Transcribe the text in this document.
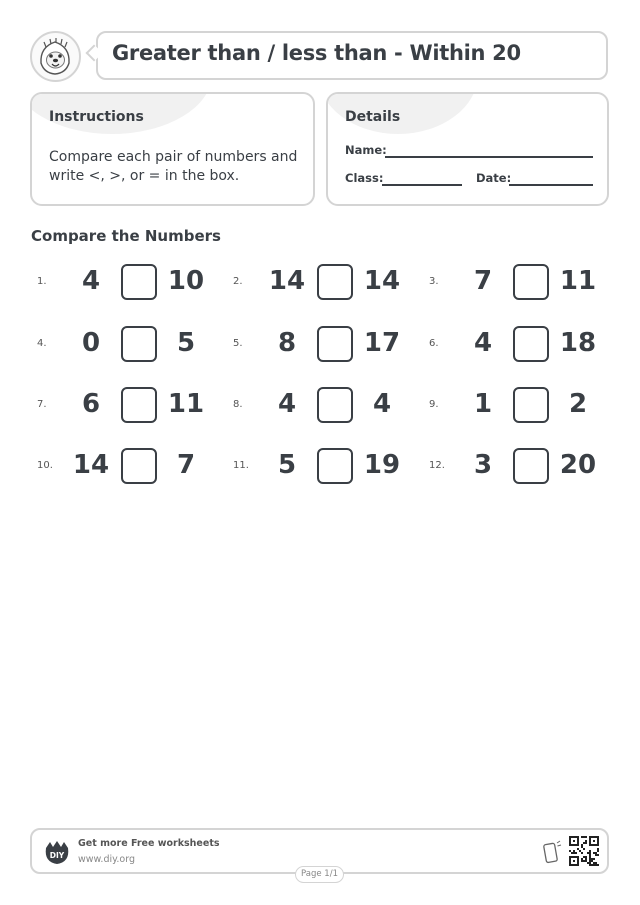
Greater than / less than - Within 20
Instructions
Compare each pair of numbers and write <, >, or = in the box.
Details
Name:
Class:	Date:
Compare the Numbers
1.	4	10	2. 14 14	3.	7	11
4.	0	5	5.	8	17	6.	4	18
7.	6	11	8.	4	4	9.	1	2
10. 14	7	11.	5	19	12.	3	20
DIY
Get more Free worksheets
www.diy.org
Page 1/1
